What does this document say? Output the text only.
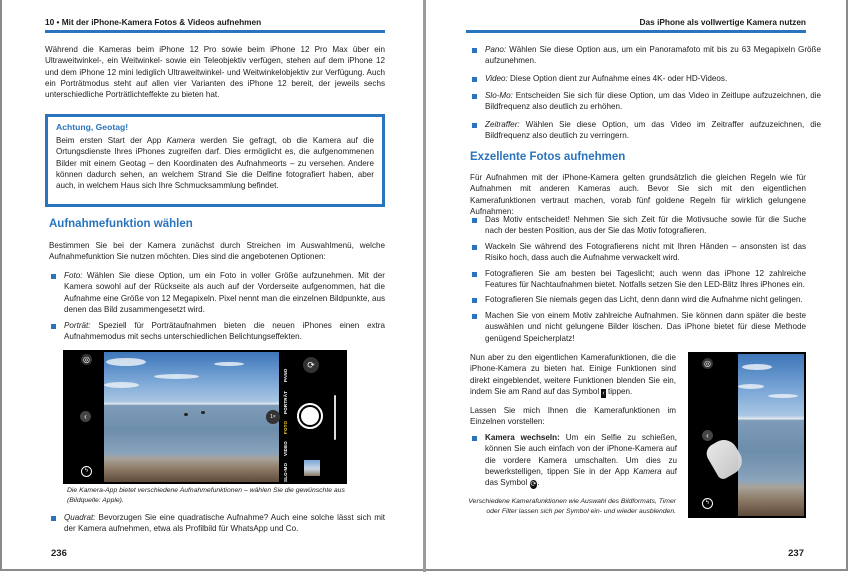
10 • Mit der iPhone-Kamera Fotos & Videos aufnehmen

Während die Kameras beim iPhone 12 Pro sowie beim iPhone 12 Pro Max über ein Ultraweitwinkel-, ein Weitwinkel- sowie ein Teleobjektiv verfügen, stehen auf dem iPhone 12 und dem iPhone 12 mini lediglich Ultraweitwinkel- und Weitwinkelobjektiv zur Verfügung. Auch ein Porträtmodus steht auf allen vier Varianten des iPhone 12 bereit, der jeweils sechs unterschiedliche Porträtlichteffekte zu bieten hat.

Achtung, Geotag!

Beim ersten Start der App Kamera werden Sie gefragt, ob die Kamera auf die Ortungsdienste Ihres iPhones zugreifen darf. Dies ermöglicht es, die aufgenommenen Bilder mit einem Geotag – den Koordinaten des Aufnahmeorts – zu versehen. Andere können dadurch sehen, an welchem Strand Sie die Delfine fotografiert haben, aber auch, in welchem Haus sich Ihre Schmucksammlung befindet.

Aufnahmefunktion wählen

Bestimmen Sie bei der Kamera zunächst durch Streichen im Auswahlmenü, welche Aufnahmefunktion Sie nutzen möchten. Dies sind die angebotenen Optionen:

Foto: Wählen Sie diese Option, um ein Foto in voller Größe aufzunehmen. Mit der Kamera sowohl auf der Rückseite als auch auf der Vorderseite aufgenommen, hat die Aufnahme eine Größe von 12 Megapixeln. Pixel nennt man die einzelnen Bildpunkte, aus denen das Bild zusammengesetzt wird.
Porträt: Speziell für Porträtaufnahmen bieten die neuen iPhones einen extra Aufnahmemodus mit sechs unterschiedlichen Belichtungseffekten.
◎
‹
ϟ
1×
SLO-MO
VIDEO
FOTO
PORTRÄT
PANO
⟳
Die Kamera-App bietet verschiedene Aufnahmefunktionen – wählen Sie die gewünschte aus (Bildquelle: Apple).
Quadrat: Bevorzugen Sie eine quadratische Aufnahme? Auch eine solche lässt sich mit der Kamera aufnehmen, etwa als Profilbild für WhatsApp und Co.
236
Das iPhone als vollwertige Kamera nutzen
Pano: Wählen Sie diese Option aus, um ein Panoramafoto mit bis zu 63 Megapixeln Größe aufzunehmen.
Video: Diese Option dient zur Aufnahme eines 4K- oder HD-Videos.
Slo-Mo: Entscheiden Sie sich für diese Option, um das Video in Zeitlupe aufzuzeichnen, die Bildfrequenz also deutlich zu erhöhen.
Zeitraffer: Wählen Sie diese Option, um das Video im Zeitraffer aufzuzeichnen, die Bildfrequenz also deutlich zu verringern.
Exzellente Fotos aufnehmen

Für Aufnahmen mit der iPhone-Kamera gelten grundsätzlich die gleichen Regeln wie für Aufnahmen mit anderen Kameras auch. Bevor Sie sich mit den eigentlichen Kamerafunktionen vertraut machen, vorab fünf goldene Regeln für wirklich gelungene Aufnahmen:

Das Motiv entscheidet! Nehmen Sie sich Zeit für die Motivsuche sowie für die Suche nach der besten Position, aus der Sie das Motiv fotografieren.
Wackeln Sie während des Fotografierens nicht mit Ihren Händen – ansonsten ist das Risiko hoch, dass auch die Aufnahme verwackelt wird.
Fotografieren Sie am besten bei Tageslicht; auch wenn das iPhone 12 zahlreiche Features für Nachtaufnahmen bietet. Notfalls setzen Sie den LED-Blitz Ihres iPhones ein.
Fotografieren Sie niemals gegen das Licht, denn dann wird die Aufnahme nicht gelingen.
Machen Sie von einem Motiv zahlreiche Aufnahmen. Sie können dann später die beste auswählen und nicht gelungene Bilder löschen. Das iPhone bietet für diese Methode genügend Speicherplatz!

Nun aber zu den eigentlichen Kamerafunktionen, die die iPhone-Kamera zu bieten hat. Einige Funktionen sind direkt eingeblendet, weitere Funktionen blenden Sie ein, indem Sie am Rand auf das Symbol ‹ tippen.

Lassen Sie mich Ihnen die Kamerafunktionen im Einzelnen vorstellen:

Kamera wechseln: Um ein Selfie zu schießen, können Sie auch einfach von der iPhone-Kamera auf die vordere Kamera umschalten. Um dies zu bewerkstelligen, tippen Sie in der App Kamera auf das Symbol ⟳.
◎
‹
ϟ
Verschiedene Kamerafunktionen wie Auswahl des Bildformats, Timer oder Filter lassen sich per Symbol ein- und wieder ausblenden.
237
